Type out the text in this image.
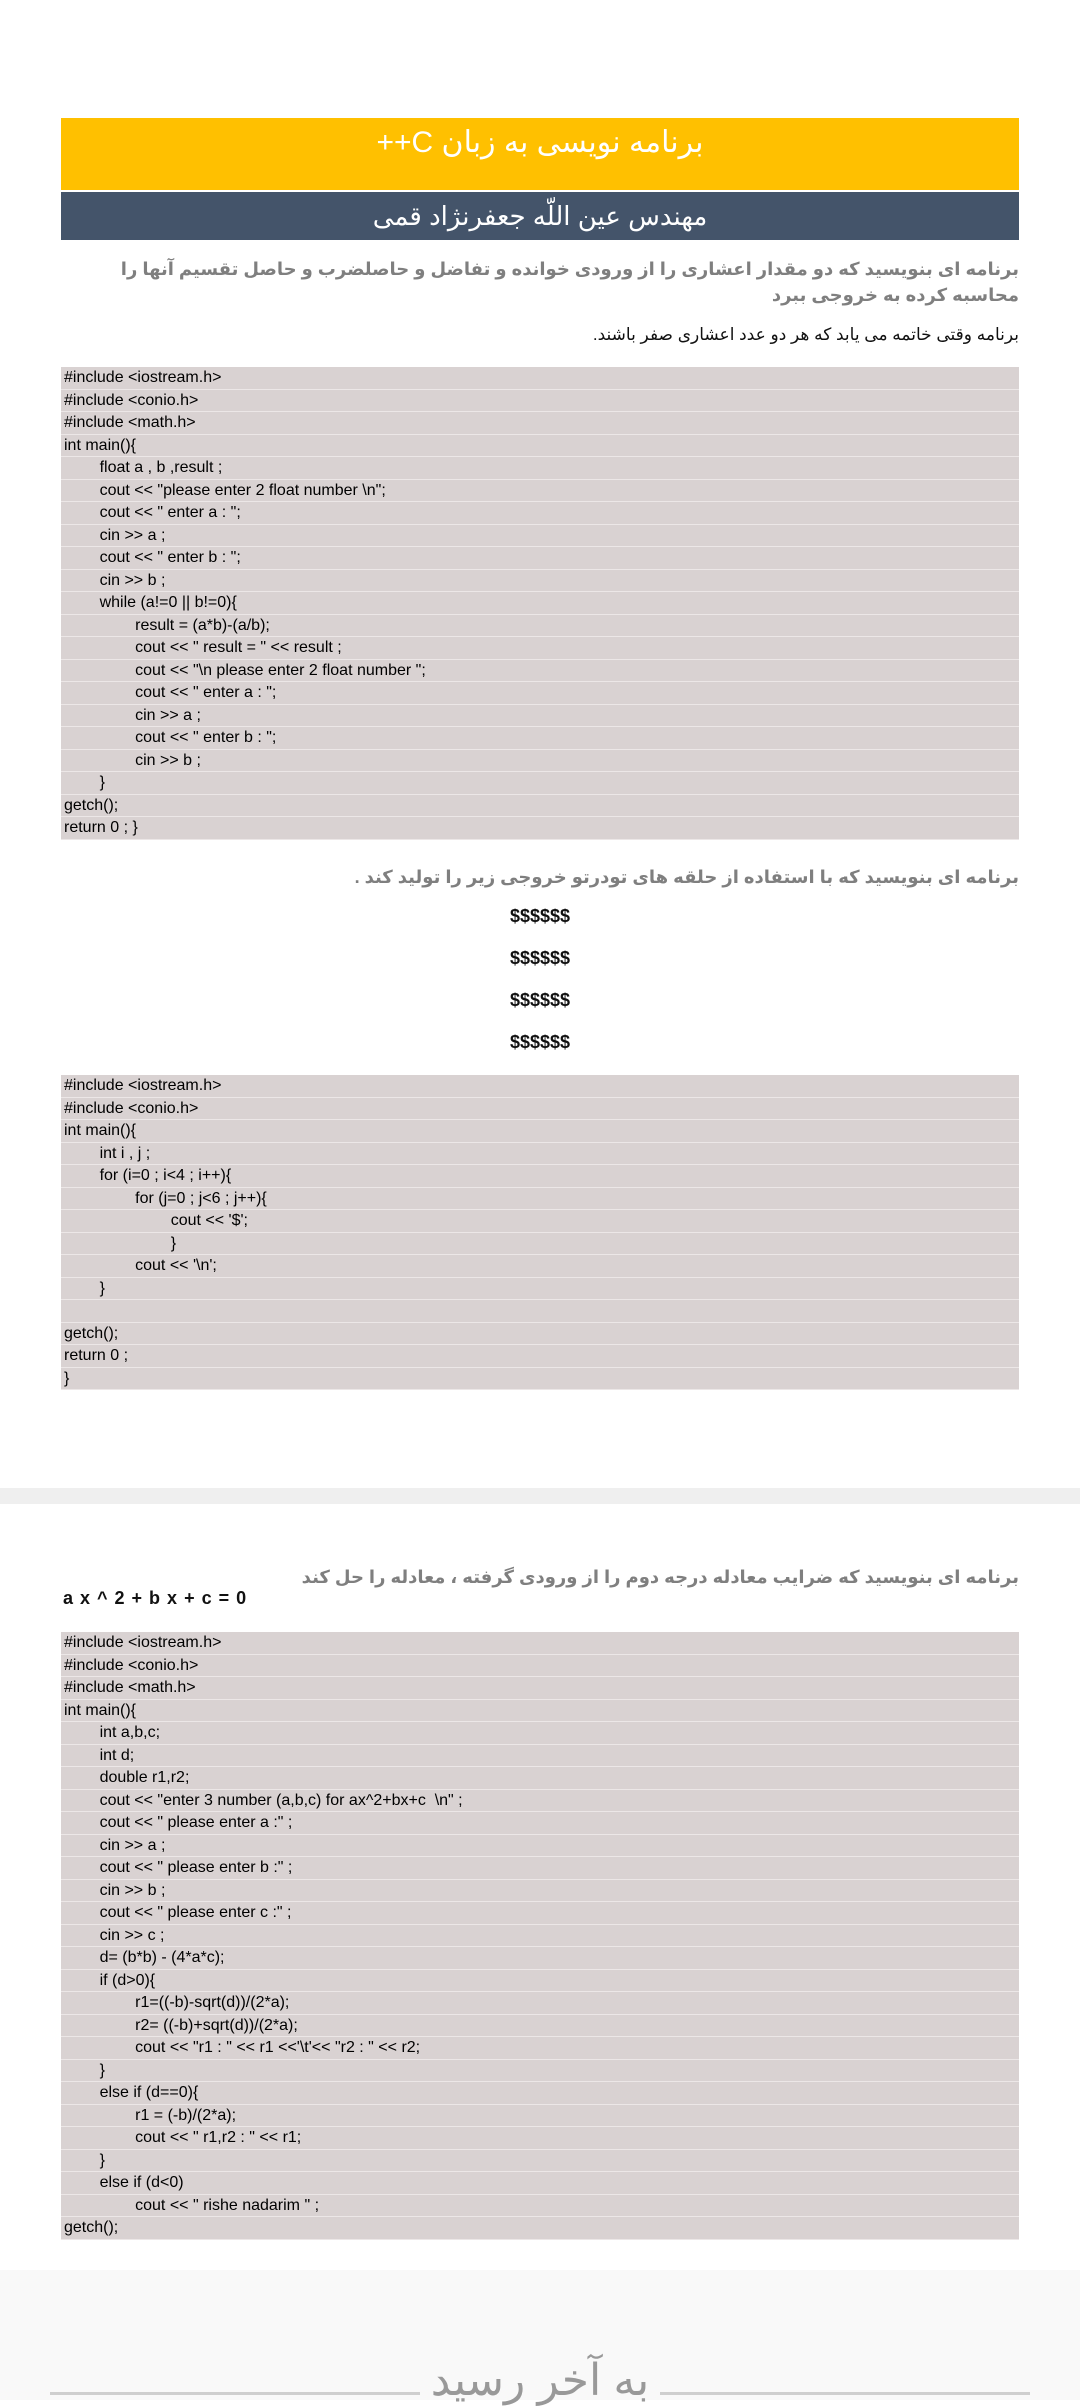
برنامه نویسی به زبان C++
مهندس عین اللّه جعفرنژاد قمی
برنامه ای بنویسید که دو مقدار اعشاری را از ورودی خوانده و تفاضل و حاصلضرب و حاصل تقسیم آنها را محاسبه کرده به خروجی ببرد
برنامه وقتی خاتمه می یابد که هر دو عدد اعشاری صفر باشند.
#include <iostream.h>
#include <conio.h>
#include <math.h>
int main(){
		float a , b ,result ;
		cout << "please enter 2 float number \n";
		cout << " enter a : ";
		cin >> a ;
		cout << " enter b : ";
		cin >> b ;
		while (a!=0 || b!=0){
				result = (a*b)-(a/b);
				cout << " result = " << result ;
				cout << "\n please enter 2 float number ";
				cout << " enter a : ";
				cin >> a ;
				cout << " enter b : ";
				cin >> b ;
		}
getch();
return 0 ; }
برنامه ای بنویسید که با استفاده از حلقه های تودرتو خروجی زیر را تولید کند .
$$$$$$
$$$$$$
$$$$$$
$$$$$$
#include <iostream.h>
#include <conio.h>
int main(){
		int i , j ;
		for (i=0 ; i<4 ; i++){
				for (j=0 ; j<6 ; j++){
						cout << '$';
						}
				cout << '\n';
		}
getch();
return 0 ;
}
برنامه ای بنویسید که ضرایب معادله درجه دوم را از ورودی گرفته ، معادله را حل کند
a x ^ 2 + b x + c = 0
#include <iostream.h>
#include <conio.h>
#include <math.h>
int main(){
		int a,b,c;
		int d;
		double r1,r2;
		cout << "enter 3 number (a,b,c) for ax^2+bx+c  \n" ;
		cout << " please enter a :" ;
		cin >> a ;
		cout << " please enter b :" ;
		cin >> b ;
		cout << " please enter c :" ;
		cin >> c ;
		d= (b*b) - (4*a*c);
		if (d>0){
				r1=((-b)-sqrt(d))/(2*a);
				r2= ((-b)+sqrt(d))/(2*a);
				cout << "r1 : " << r1 <<'\t'<< "r2 : " << r2;
		}
		else if (d==0){
				r1 = (-b)/(2*a);
				cout << " r1,r2 : " << r1;
		}
		else if (d<0)
				cout << " rishe nadarim " ;
getch();
به آخر رسید
